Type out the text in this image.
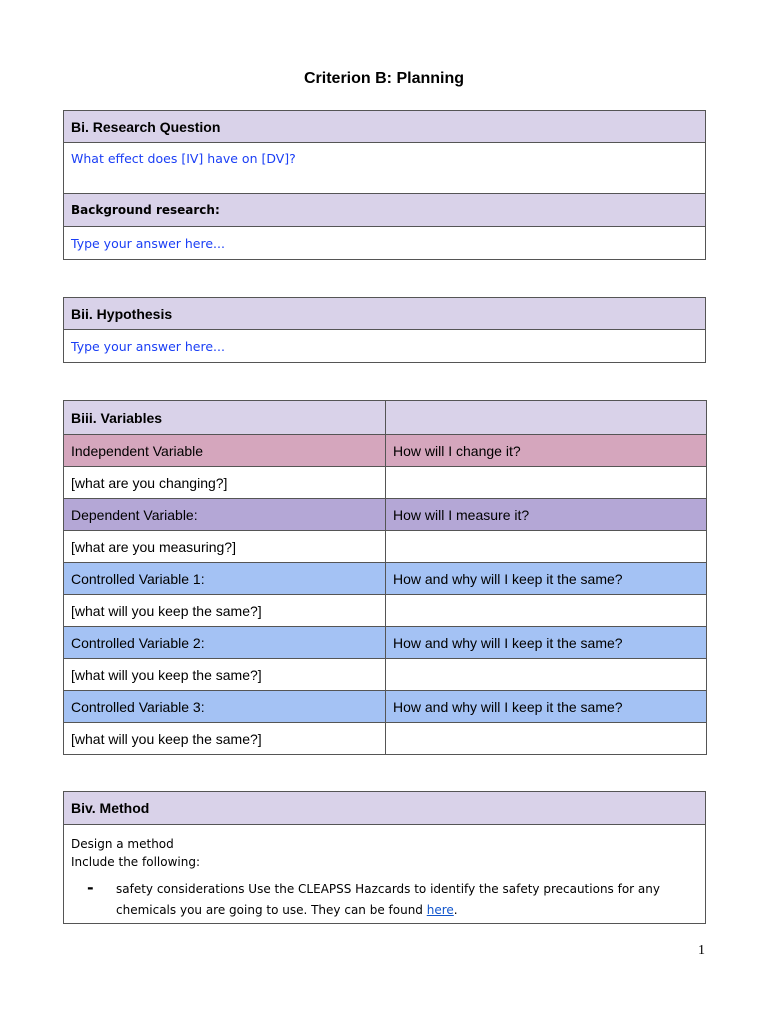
Criterion B: Planning
Bi. Research Question
What effect does [IV] have on [DV]?
Background research:
Type your answer here...
Bii. Hypothesis
Type your answer here...
Biii. Variables	
Independent Variable	How will I change it?
[what are you changing?]	
Dependent Variable:	How will I measure it?
[what are you measuring?]	
Controlled Variable 1:	How and why will I keep it the same?
[what will you keep the same?]	
Controlled Variable 2:	How and why will I keep it the same?
[what will you keep the same?]	
Controlled Variable 3:	How and why will I keep it the same?
[what will you keep the same?]	
Biv. Method

Design a method
Include the following:
-	safety considerations Use the CLEAPSS Hazcards to identify the safety precautions for any chemicals you are going to use. They can be found here.
1
